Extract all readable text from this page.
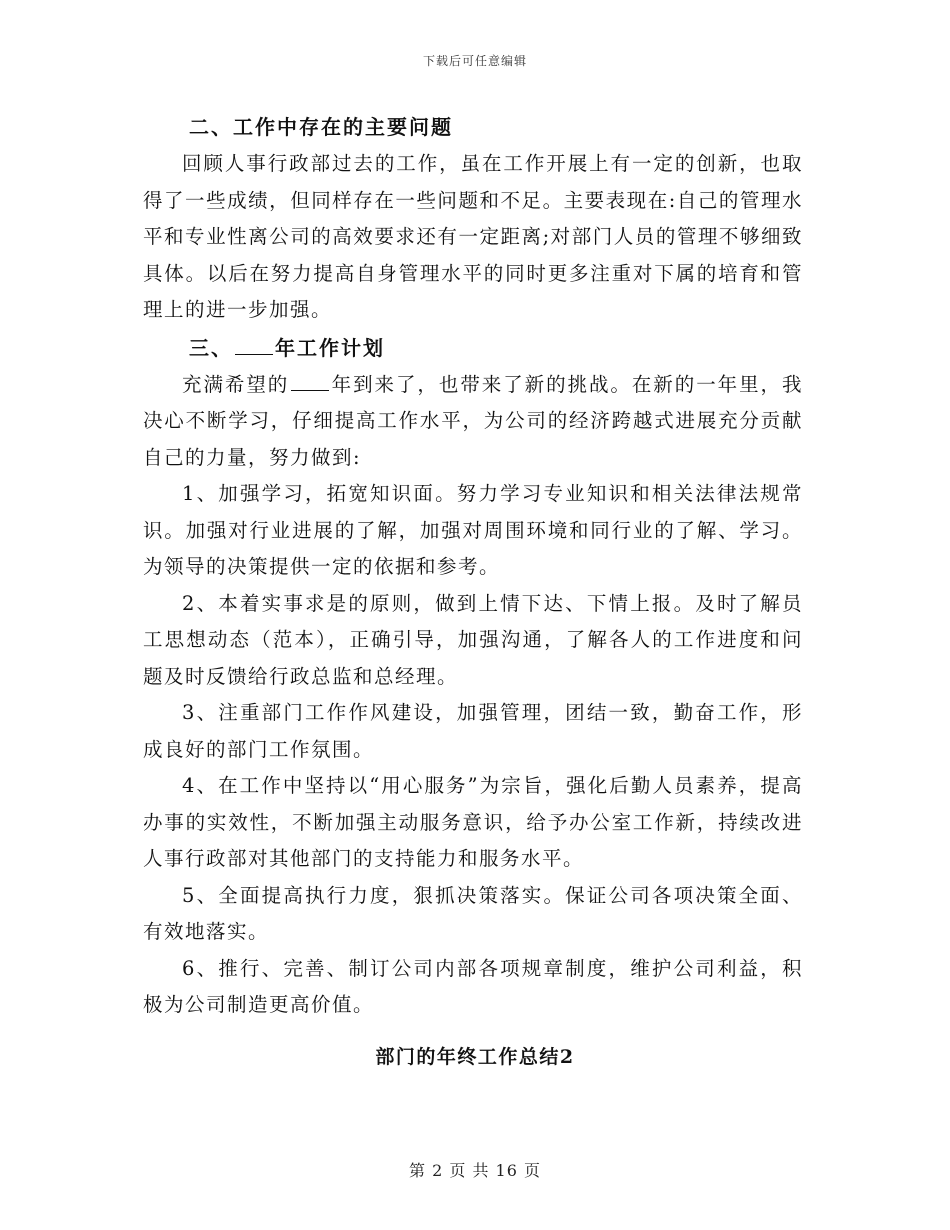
下载后可任意编辑

二、工作中存在的主要问题

回顾人事行政部过去的工作，虽在工作开展上有一定的创新，也取得了一些成绩，但同样存在一些问题和不足。主要表现在:自己的管理水平和专业性离公司的高效要求还有一定距离;对部门人员的管理不够细致具体。以后在努力提高自身管理水平的同时更多注重对下属的培育和管理上的进一步加强。

三、 年工作计划

充满希望的 年到来了，也带来了新的挑战。在新的一年里，我决心不断学习，仔细提高工作水平，为公司的经济跨越式进展充分贡献自己的力量，努力做到:

1、加强学习，拓宽知识面。努力学习专业知识和相关法律法规常识。加强对行业进展的了解，加强对周围环境和同行业的了解、学习。为领导的决策提供一定的依据和参考。

2、本着实事求是的原则，做到上情下达、下情上报。及时了解员工思想动态（范本），正确引导，加强沟通，了解各人的工作进度和问题及时反馈给行政总监和总经理。

3、注重部门工作作风建设，加强管理，团结一致，勤奋工作，形成良好的部门工作氛围。

4、在工作中坚持以“用心服务”为宗旨，强化后勤人员素养，提高办事的实效性，不断加强主动服务意识，给予办公室工作新，持续改进人事行政部对其他部门的支持能力和服务水平。

5、全面提高执行力度，狠抓决策落实。保证公司各项决策全面、有效地落实。

6、推行、完善、制订公司内部各项规章制度，维护公司利益，积极为公司制造更高价值。

部门的年终工作总结2
第 2 页 共 16 页
